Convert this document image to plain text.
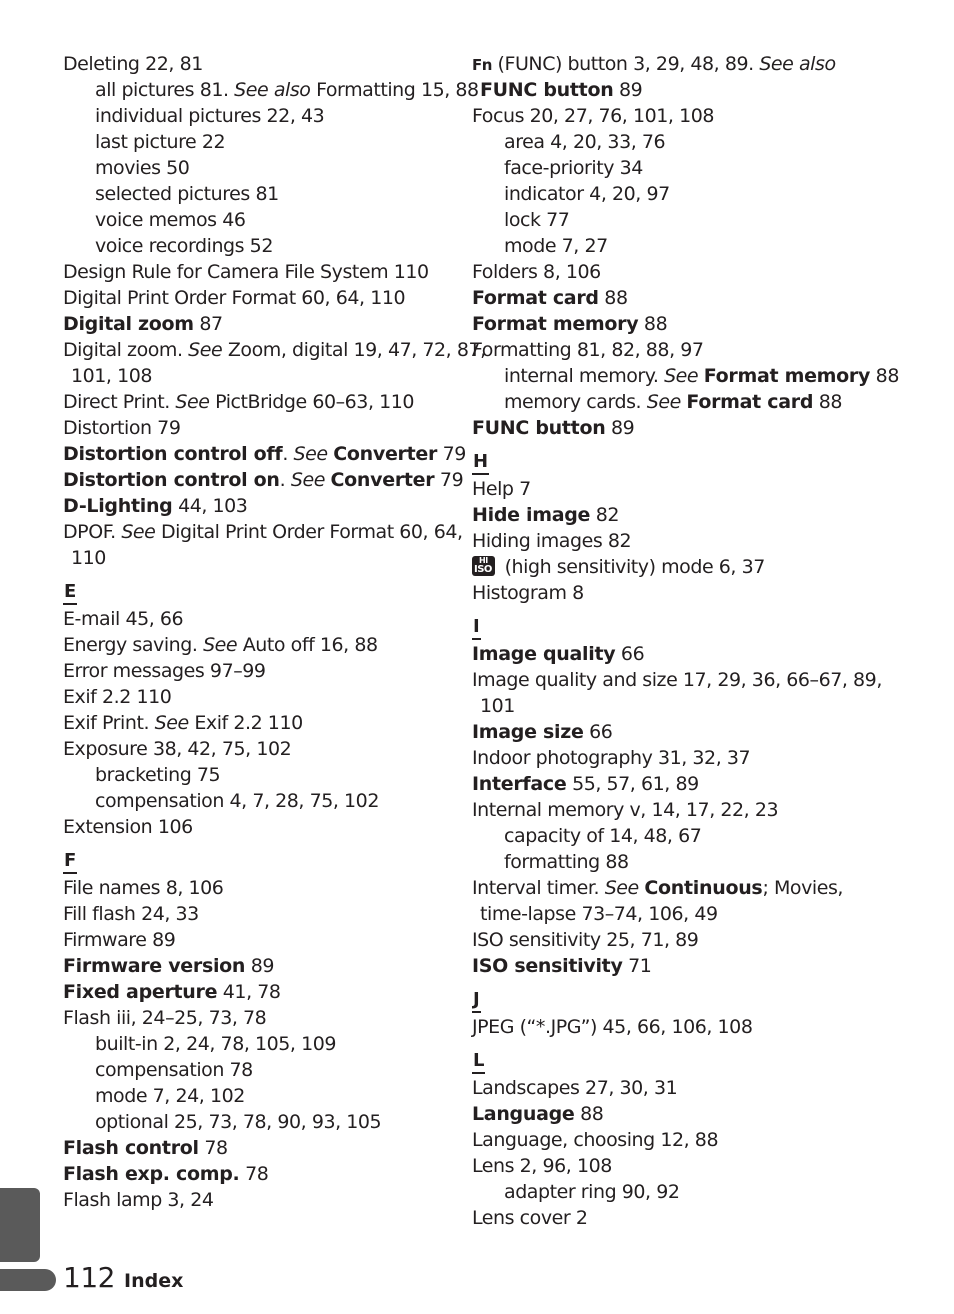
Deleting 22, 81
all pictures 81. See also Formatting 15, 88
individual pictures 22, 43
last picture 22
movies 50
selected pictures 81
voice memos 46
voice recordings 52
Design Rule for Camera File System 110
Digital Print Order Format 60, 64, 110
Digital zoom 87
Digital zoom. See Zoom, digital 19, 47, 72, 87,
101, 108
Direct Print. See PictBridge 60–63, 110
Distortion 79
Distortion control off. See Converter 79
Distortion control on. See Converter 79
D-Lighting 44, 103
DPOF. See Digital Print Order Format 60, 64,
110
E
E-mail 45, 66
Energy saving. See Auto off 16, 88
Error messages 97–99
Exif 2.2 110
Exif Print. See Exif 2.2 110
Exposure 38, 42, 75, 102
bracketing 75
compensation 4, 7, 28, 75, 102
Extension 106
F
File names 8, 106
Fill flash 24, 33
Firmware 89
Firmware version 89
Fixed aperture 41, 78
Flash iii, 24–25, 73, 78
built-in 2, 24, 78, 105, 109
compensation 78
mode 7, 24, 102
optional 25, 73, 78, 90, 93, 105
Flash control 78
Flash exp. comp. 78
Flash lamp 3, 24
Fn (FUNC) button 3, 29, 48, 89. See also
FUNC button 89
Focus 20, 27, 76, 101, 108
area 4, 20, 33, 76
face-priority 34
indicator 4, 20, 97
lock 77
mode 7, 27
Folders 8, 106
Format card 88
Format memory 88
Formatting 81, 82, 88, 97
internal memory. See Format memory 88
memory cards. See Format card 88
FUNC button 89
H
Help 7
Hide image 82
Hiding images 82
HI
ISO (high sensitivity) mode 6, 37
Histogram 8
I
Image quality 66
Image quality and size 17, 29, 36, 66–67, 89,
101
Image size 66
Indoor photography 31, 32, 37
Interface 55, 57, 61, 89
Internal memory v, 14, 17, 22, 23
capacity of 14, 48, 67
formatting 88
Interval timer. See Continuous; Movies,
time-lapse 73–74, 106, 49
ISO sensitivity 25, 71, 89
ISO sensitivity 71
J
JPEG (“*.JPG”) 45, 66, 106, 108
L
Landscapes 27, 30, 31
Language 88
Language, choosing 12, 88
Lens 2, 96, 108
adapter ring 90, 92
Lens cover 2
112 Index
